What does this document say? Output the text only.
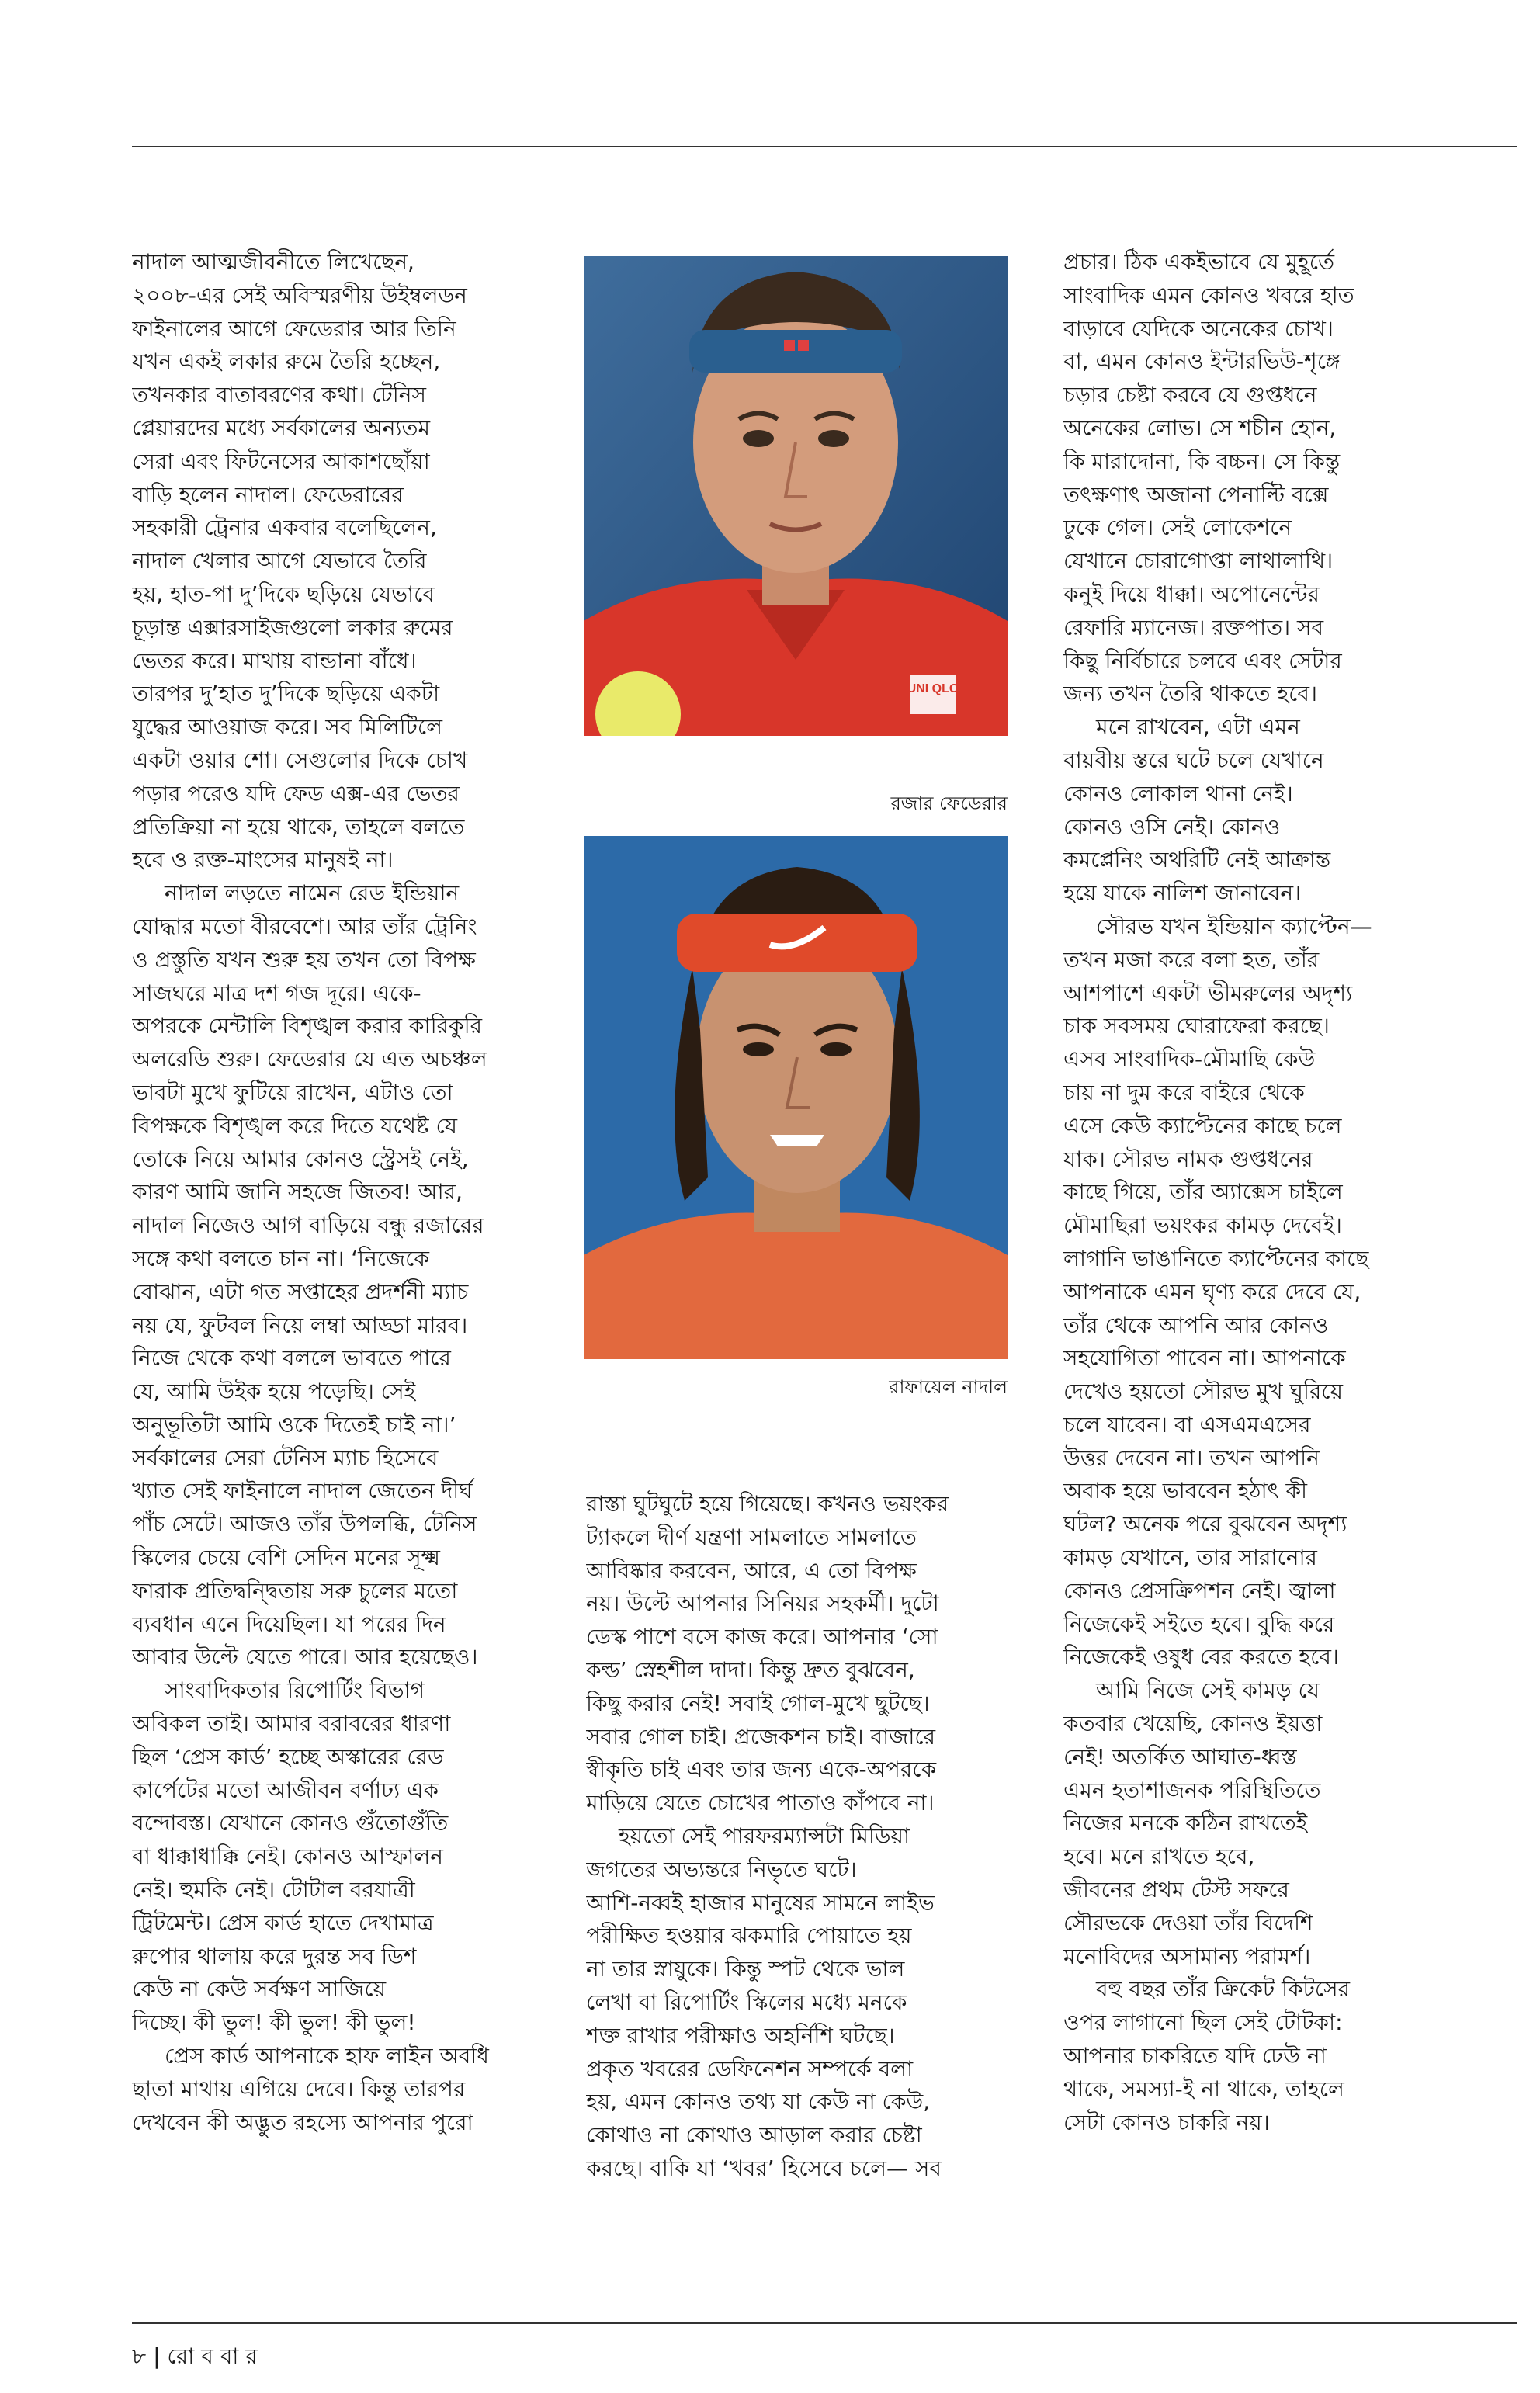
নাদাল আত্মজীবনীতে লিখেছেন,
২০০৮-এর সেই অবিস্মরণীয় উইম্বলডন
ফাইনালের আগে ফেডেরার আর তিনি
যখন একই লকার রুমে তৈরি হচ্ছেন,
তখনকার বাতাবরণের কথা। টেনিস
প্লেয়ারদের মধ্যে সর্বকালের অন্যতম
সেরা এবং ফিটনেসের আকাশছোঁয়া
বাড়ি হলেন নাদাল। ফেডেরারের
সহকারী ট্রেনার একবার বলেছিলেন,
নাদাল খেলার আগে যেভাবে তৈরি
হয়, হাত-পা দু’দিকে ছড়িয়ে যেভাবে
চূড়ান্ত এক্সারসাইজগুলো লকার রুমের
ভেতর করে। মাথায় বান্ডানা বাঁধে।
তারপর দু’হাত দু’দিকে ছড়িয়ে একটা
যুদ্ধের আওয়াজ করে। সব মিলিটিলে
একটা ওয়ার শো। সেগুলোর দিকে চোখ
পড়ার পরেও যদি ফেড এক্স-এর ভেতর
প্রতিক্রিয়া না হয়ে থাকে, তাহলে বলতে
হবে ও রক্ত-মাংসের মানুষই না।
নাদাল লড়তে নামেন রেড ইন্ডিয়ান
যোদ্ধার মতো বীরবেশে। আর তাঁর ট্রেনিং
ও প্রস্তুতি যখন শুরু হয় তখন তো বিপক্ষ
সাজঘরে মাত্র দশ গজ দূরে। একে-
অপরকে মেন্টালি বিশৃঙ্খল করার কারিকুরি
অলরেডি শুরু। ফেডেরার যে এত অচঞ্চল
ভাবটা মুখে ফুটিয়ে রাখেন, এটাও তো
বিপক্ষকে বিশৃঙ্খল করে দিতে যথেষ্ট যে
তোকে নিয়ে আমার কোনও স্ট্রেসই নেই,
কারণ আমি জানি সহজে জিতব! আর,
নাদাল নিজেও আগ বাড়িয়ে বন্ধু রজারের
সঙ্গে কথা বলতে চান না। ‘নিজেকে
বোঝান, এটা গত সপ্তাহের প্রদর্শনী ম্যাচ
নয় যে, ফুটবল নিয়ে লম্বা আড্ডা মারব।
নিজে থেকে কথা বললে ভাবতে পারে
যে, আমি উইক হয়ে পড়েছি। সেই
অনুভূতিটা আমি ওকে দিতেই চাই না।’
সর্বকালের সেরা টেনিস ম্যাচ হিসেবে
খ্যাত সেই ফাইনালে নাদাল জেতেন দীর্ঘ
পাঁচ সেটে। আজও তাঁর উপলব্ধি, টেনিস
স্কিলের চেয়ে বেশি সেদিন মনের সূক্ষ্ম
ফারাক প্রতিদ্বন্দ্বিতায় সরু চুলের মতো
ব্যবধান এনে দিয়েছিল। যা পরের দিন
আবার উল্টে যেতে পারে। আর হয়েছেও।
সাংবাদিকতার রিপোর্টিং বিভাগ
অবিকল তাই। আমার বরাবরের ধারণা
ছিল ‘প্রেস কার্ড’ হচ্ছে অস্কারের রেড
কার্পেটের মতো আজীবন বর্ণাঢ্য এক
বন্দোবস্ত। যেখানে কোনও গুঁতোগুঁতি
বা ধাক্কাধাক্কি নেই। কোনও আস্ফালন
নেই। হুমকি নেই। টোটাল বরযাত্রী
ট্রিটমেন্ট। প্রেস কার্ড হাতে দেখামাত্র
রুপোর থালায় করে দুরন্ত সব ডিশ
কেউ না কেউ সর্বক্ষণ সাজিয়ে
দিচ্ছে। কী ভুল! কী ভুল! কী ভুল!
প্রেস কার্ড আপনাকে হাফ লাইন অবধি
ছাতা মাথায় এগিয়ে দেবে। কিন্তু তারপর
দেখবেন কী অদ্ভুত রহস্যে আপনার পুরো
UNI QLO
রজার ফেডেরার
রাফায়েল নাদাল
রাস্তা ঘুটঘুটে হয়ে গিয়েছে। কখনও ভয়ংকর
ট্যাকলে দীর্ণ যন্ত্রণা সামলাতে সামলাতে
আবিষ্কার করবেন, আরে, এ তো বিপক্ষ
নয়। উল্টে আপনার সিনিয়র সহকর্মী। দুটো
ডেস্ক পাশে বসে কাজ করে। আপনার ‘সো
কল্ড’ স্নেহশীল দাদা। কিন্তু দ্রুত বুঝবেন,
কিছু করার নেই! সবাই গোল-মুখে ছুটছে।
সবার গোল চাই। প্রজেকশন চাই। বাজারে
স্বীকৃতি চাই এবং তার জন্য একে-অপরকে
মাড়িয়ে যেতে চোখের পাতাও কাঁপবে না।
হয়তো সেই পারফরম্যান্সটা মিডিয়া
জগতের অভ্যন্তরে নিভৃতে ঘটে।
আশি-নব্বই হাজার মানুষের সামনে লাইভ
পরীক্ষিত হওয়ার ঝকমারি পোয়াতে হয়
না তার স্নায়ুকে। কিন্তু স্পট থেকে ভাল
লেখা বা রিপোর্টিং স্কিলের মধ্যে মনকে
শক্ত রাখার পরীক্ষাও অহর্নিশি ঘটছে।
প্রকৃত খবরের ডেফিনেশন সম্পর্কে বলা
হয়, এমন কোনও তথ্য যা কেউ না কেউ,
কোথাও না কোথাও আড়াল করার চেষ্টা
করছে। বাকি যা ‘খবর’ হিসেবে চলে— সব
প্রচার। ঠিক একইভাবে যে মুহূর্তে
সাংবাদিক এমন কোনও খবরে হাত
বাড়াবে যেদিকে অনেকের চোখ।
বা, এমন কোনও ইন্টারভিউ-শৃঙ্গে
চড়ার চেষ্টা করবে যে গুপ্তধনে
অনেকের লোভ। সে শচীন হোন,
কি মারাদোনা, কি বচ্চন। সে কিন্তু
তৎক্ষণাৎ অজানা পেনাল্টি বক্সে
ঢুকে গেল। সেই লোকেশনে
যেখানে চোরাগোপ্তা লাথালাথি।
কনুই দিয়ে ধাক্কা। অপোনেন্টের
রেফারি ম্যানেজ। রক্তপাত। সব
কিছু নির্বিচারে চলবে এবং সেটার
জন্য তখন তৈরি থাকতে হবে।
মনে রাখবেন, এটা এমন
বায়বীয় স্তরে ঘটে চলে যেখানে
কোনও লোকাল থানা নেই।
কোনও ওসি নেই। কোনও
কমপ্লেনিং অথরিটি নেই আক্রান্ত
হয়ে যাকে নালিশ জানাবেন।
সৌরভ যখন ইন্ডিয়ান ক্যাপ্টেন—
তখন মজা করে বলা হত, তাঁর
আশপাশে একটা ভীমরুলের অদৃশ্য
চাক সবসময় ঘোরাফেরা করছে।
এসব সাংবাদিক-মৌমাছি কেউ
চায় না দুম করে বাইরে থেকে
এসে কেউ ক্যাপ্টেনের কাছে চলে
যাক। সৌরভ নামক গুপ্তধনের
কাছে গিয়ে, তাঁর অ্যাক্সেস চাইলে
মৌমাছিরা ভয়ংকর কামড় দেবেই।
লাগানি ভাঙানিতে ক্যাপ্টেনের কাছে
আপনাকে এমন ঘৃণ্য করে দেবে যে,
তাঁর থেকে আপনি আর কোনও
সহযোগিতা পাবেন না। আপনাকে
দেখেও হয়তো সৌরভ মুখ ঘুরিয়ে
চলে যাবেন। বা এসএমএসের
উত্তর দেবেন না। তখন আপনি
অবাক হয়ে ভাববেন হঠাৎ কী
ঘটল? অনেক পরে বুঝবেন অদৃশ্য
কামড় যেখানে, তার সারানোর
কোনও প্রেসক্রিপশন নেই। জ্বালা
নিজেকেই সইতে হবে। বুদ্ধি করে
নিজেকেই ওষুধ বের করতে হবে।
আমি নিজে সেই কামড় যে
কতবার খেয়েছি, কোনও ইয়ত্তা
নেই! অতর্কিত আঘাত-ধ্বস্ত
এমন হতাশাজনক পরিস্থিতিতে
নিজের মনকে কঠিন রাখতেই
হবে। মনে রাখতে হবে,
জীবনের প্রথম টেস্ট সফরে
সৌরভকে দেওয়া তাঁর বিদেশি
মনোবিদের অসামান্য পরামর্শ।
বহু বছর তাঁর ক্রিকেট কিটসের
ওপর লাগানো ছিল সেই টোটকা:
আপনার চাকরিতে যদি ঢেউ না
থাকে, সমস্যা-ই না থাকে, তাহলে
সেটা কোনও চাকরি নয়।
৮ | রো ব বা র
